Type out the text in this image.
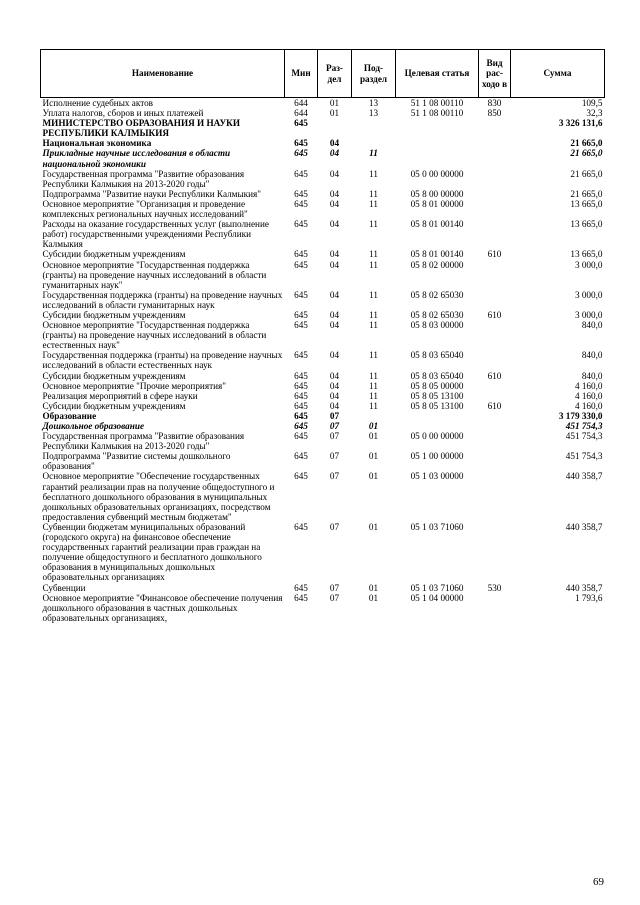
Наименование	Мин	Раз- дел	Под- раздел	Целевая статья	Вид рас- ходо в	Сумма
Исполнение судебных актов	644	01	13	51 1 08 00110	830	109,5
Уплата налогов, сборов и иных платежей	644	01	13	51 1 08 00110	850	32,3
МИНИСТЕРСТВО ОБРАЗОВАНИЯ И НАУКИ РЕСПУБЛИКИ КАЛМЫКИЯ	645					3 326 131,6
Национальная экономика	645	04				21 665,0
Прикладные научные исследования в области национальной экономики	645	04	11			21 665,0
Государственная программа "Развитие образования Республики Калмыкия на 2013-2020 годы"	645	04	11	05 0 00 00000		21 665,0
Подпрограмма "Развитие науки Республики Калмыкия"	645	04	11	05 8 00 00000		21 665,0
Основное мероприятие "Организация и проведение комплексных региональных научных исследований"	645	04	11	05 8 01 00000		13 665,0
Расходы на оказание государственных услуг (выполнение работ) государственными учреждениями Республики Калмыкия	645	04	11	05 8 01 00140		13 665,0
Субсидии бюджетным учреждениям	645	04	11	05 8 01 00140	610	13 665,0
Основное мероприятие "Государственная поддержка (гранты) на проведение научных исследований в области гуманитарных наук"	645	04	11	05 8 02 00000		3 000,0
Государственная поддержка (гранты) на проведение научных исследований в области гуманитарных наук	645	04	11	05 8 02 65030		3 000,0
Субсидии бюджетным учреждениям	645	04	11	05 8 02 65030	610	3 000,0
Основное мероприятие "Государственная поддержка (гранты) на проведение научных исследований в области естественных наук"	645	04	11	05 8 03 00000		840,0
Государственная поддержка (гранты) на проведение научных исследований в области естественных наук	645	04	11	05 8 03 65040		840,0
Субсидии бюджетным учреждениям	645	04	11	05 8 03 65040	610	840,0
Основное мероприятие "Прочие мероприятия"	645	04	11	05 8 05 00000		4 160,0
Реализация мероприятий в сфере науки	645	04	11	05 8 05 13100		4 160,0
Субсидии бюджетным учреждениям	645	04	11	05 8 05 13100	610	4 160,0
Образование	645	07				3 179 330,0
Дошкольное образование	645	07	01			451 754,3
Государственная программа "Развитие образования Республики Калмыкия на 2013-2020 годы"	645	07	01	05 0 00 00000		451 754,3
Подпрограмма "Развитие системы дошкольного образования"	645	07	01	05 1 00 00000		451 754,3
Основное мероприятие "Обеспечение государственных гарантий реализации прав на получение общедоступного и бесплатного дошкольного образования в муниципальных дошкольных образовательных организациях, посредством предоставления субвенций местным бюджетам"	645	07	01	05 1 03 00000		440 358,7
Субвенции бюджетам муниципальных образований (городского округа) на финансовое обеспечение государственных гарантий реализации прав граждан на получение общедоступного и бесплатного дошкольного образования в муниципальных дошкольных образовательных организациях	645	07	01	05 1 03 71060		440 358,7
Субвенции	645	07	01	05 1 03 71060	530	440 358,7
Основное мероприятие "Финансовое обеспечение получения дошкольного образования в частных дошкольных образовательных организациях,	645	07	01	05 1 04 00000		1 793,6
69
